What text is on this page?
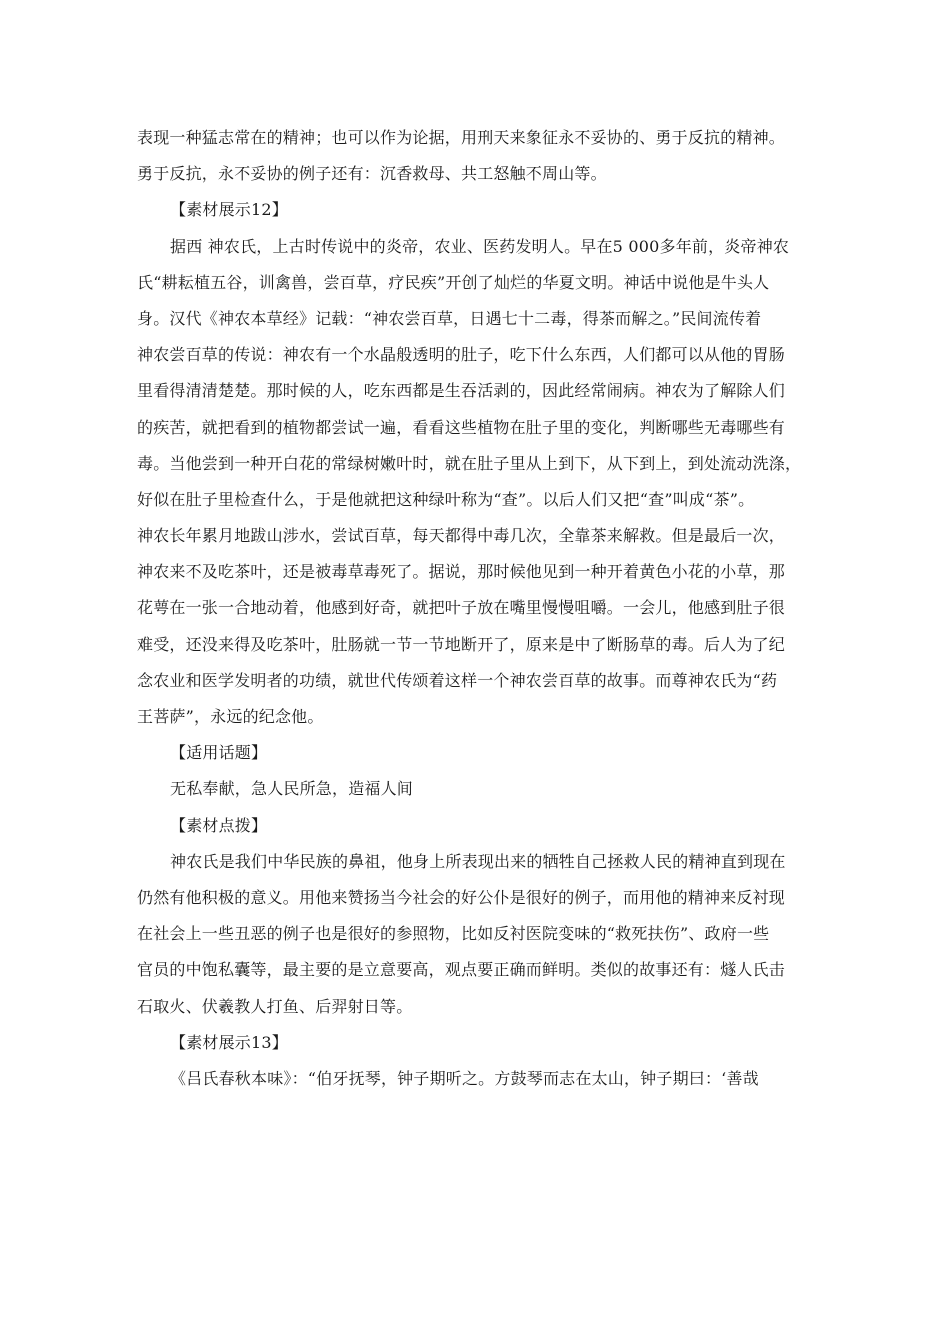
表现一种猛志常在的精神；也可以作为论据，用刑天来象征永不妥协的、勇于反抗的精神。
勇于反抗，永不妥协的例子还有：沉香救母、共工怒触不周山等。
【素材展示12】
据西 神农氏，上古时传说中的炎帝，农业、医药发明人。早在5 000多年前，炎帝神农
氏“耕耘植五谷，训禽兽，尝百草，疗民疾”开创了灿烂的华夏文明。神话中说他是牛头人
身。汉代《神农本草经》记载：“神农尝百草，日遇七十二毒，得茶而解之。”民间流传着
神农尝百草的传说：神农有一个水晶般透明的肚子，吃下什么东西，人们都可以从他的胃肠
里看得清清楚楚。那时候的人，吃东西都是生吞活剥的，因此经常闹病。神农为了解除人们
的疾苦，就把看到的植物都尝试一遍，看看这些植物在肚子里的变化，判断哪些无毒哪些有
毒。当他尝到一种开白花的常绿树嫩叶时，就在肚子里从上到下，从下到上，到处流动洗涤，
好似在肚子里检查什么，于是他就把这种绿叶称为“查”。以后人们又把“查”叫成“茶”。
神农长年累月地跋山涉水，尝试百草，每天都得中毒几次，全靠茶来解救。但是最后一次，
神农来不及吃茶叶，还是被毒草毒死了。据说，那时候他见到一种开着黄色小花的小草，那
花萼在一张一合地动着，他感到好奇，就把叶子放在嘴里慢慢咀嚼。一会儿，他感到肚子很
难受，还没来得及吃茶叶，肚肠就一节一节地断开了，原来是中了断肠草的毒。后人为了纪
念农业和医学发明者的功绩，就世代传颂着这样一个神农尝百草的故事。而尊神农氏为“药
王菩萨”，永远的纪念他。
【适用话题】
无私奉献，急人民所急，造福人间
【素材点拨】
神农氏是我们中华民族的鼻祖，他身上所表现出来的牺牲自己拯救人民的精神直到现在
仍然有他积极的意义。用他来赞扬当今社会的好公仆是很好的例子，而用他的精神来反衬现
在社会上一些丑恶的例子也是很好的参照物，比如反衬医院变味的“救死扶伤”、政府一些
官员的中饱私囊等，最主要的是立意要高，观点要正确而鲜明。类似的故事还有：燧人氏击
石取火、伏羲教人打鱼、后羿射日等。
【素材展示13】
《吕氏春秋本味》：“伯牙抚琴，钟子期听之。方鼓琴而志在太山，钟子期曰：‘善哉
